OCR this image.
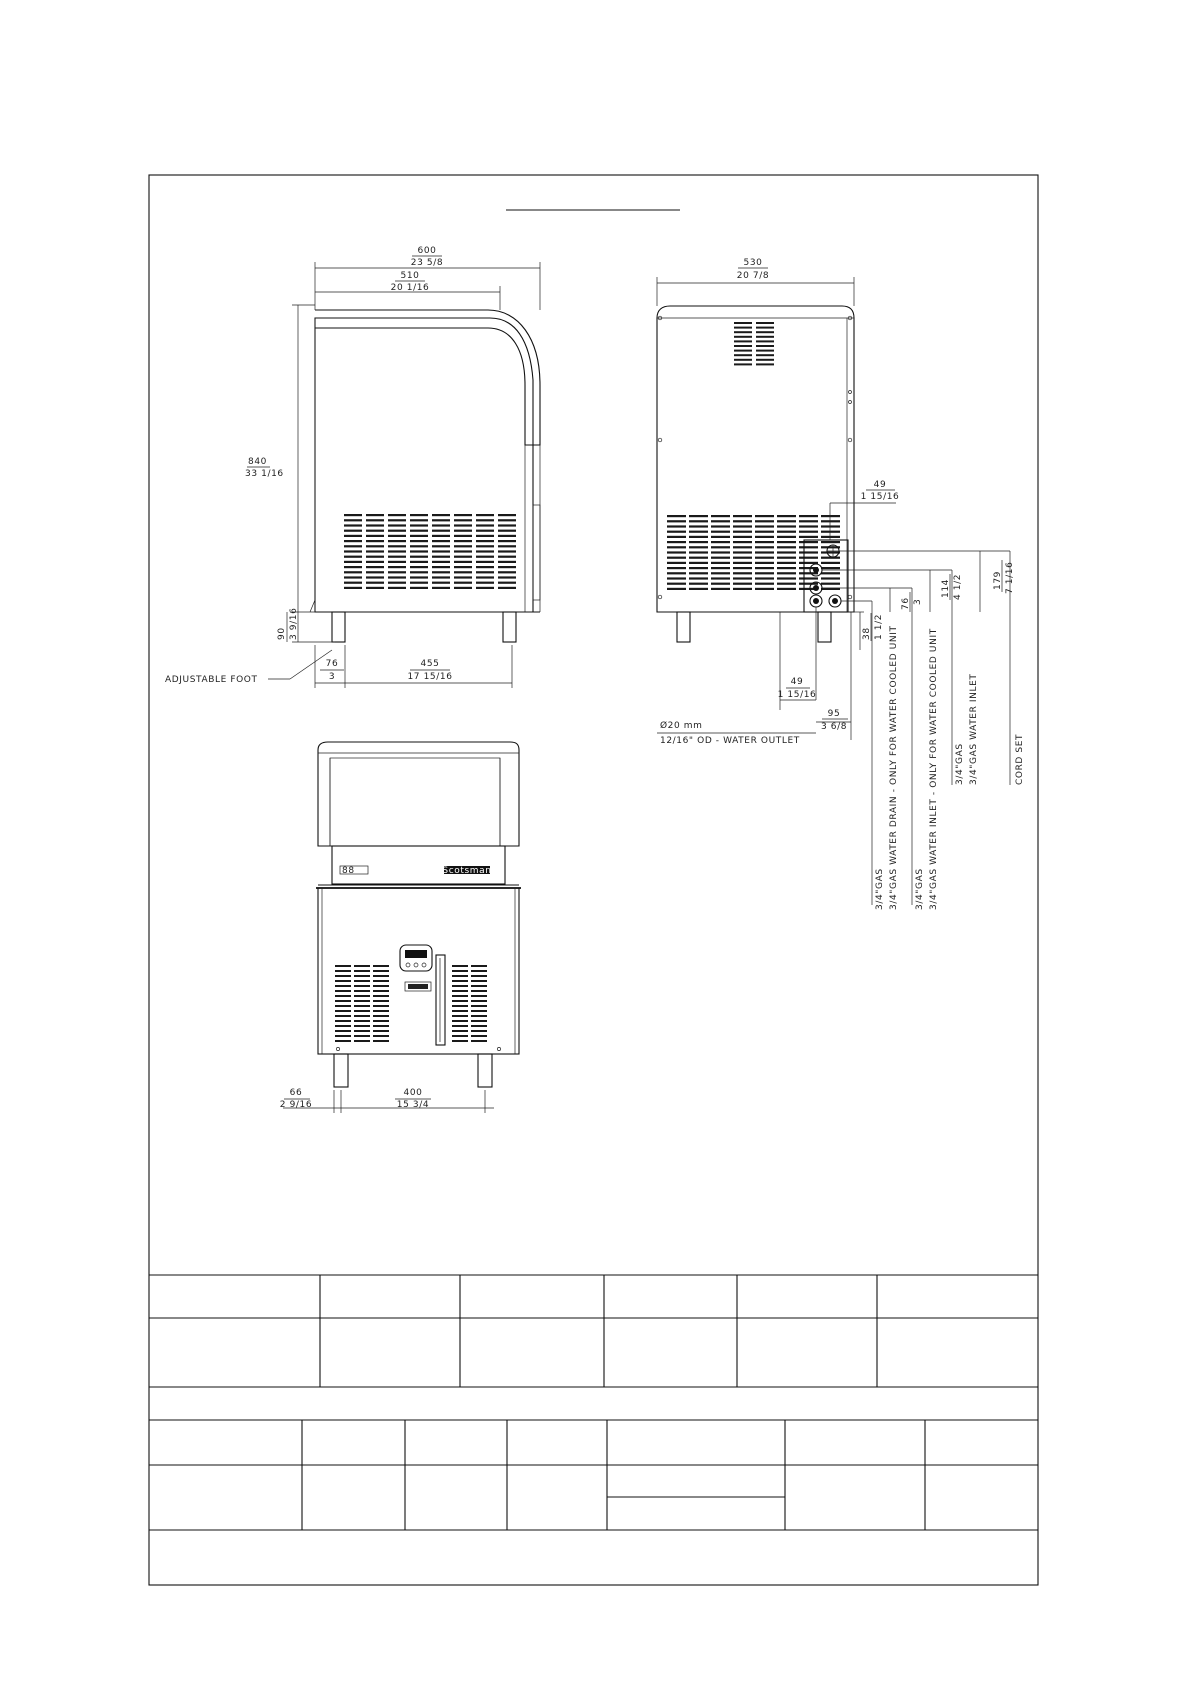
600
23 5/8
510
20 1/16
840
33 1/16
90 3 9/16
ADJUSTABLE FOOT
76
3
455
17 15/16
530
20 7/8
49
1 15/16
49
1 15/16
95
3 6/8
Ø20 mm
12/16" OD - WATER OUTLET
38 1 1/2
76 3
114 4 1/2	179 7 1/16
3/4"GAS 3/4"GAS WATER DRAIN - ONLY FOR WATER COOLED UNIT 3/4"GAS 3/4"GAS WATER INLET - ONLY FOR WATER COOLED UNIT 3/4"GAS 3/4"GAS WATER INLET	CORD SET
88	Scotsman
66
2 9/16
400
15 3/4
